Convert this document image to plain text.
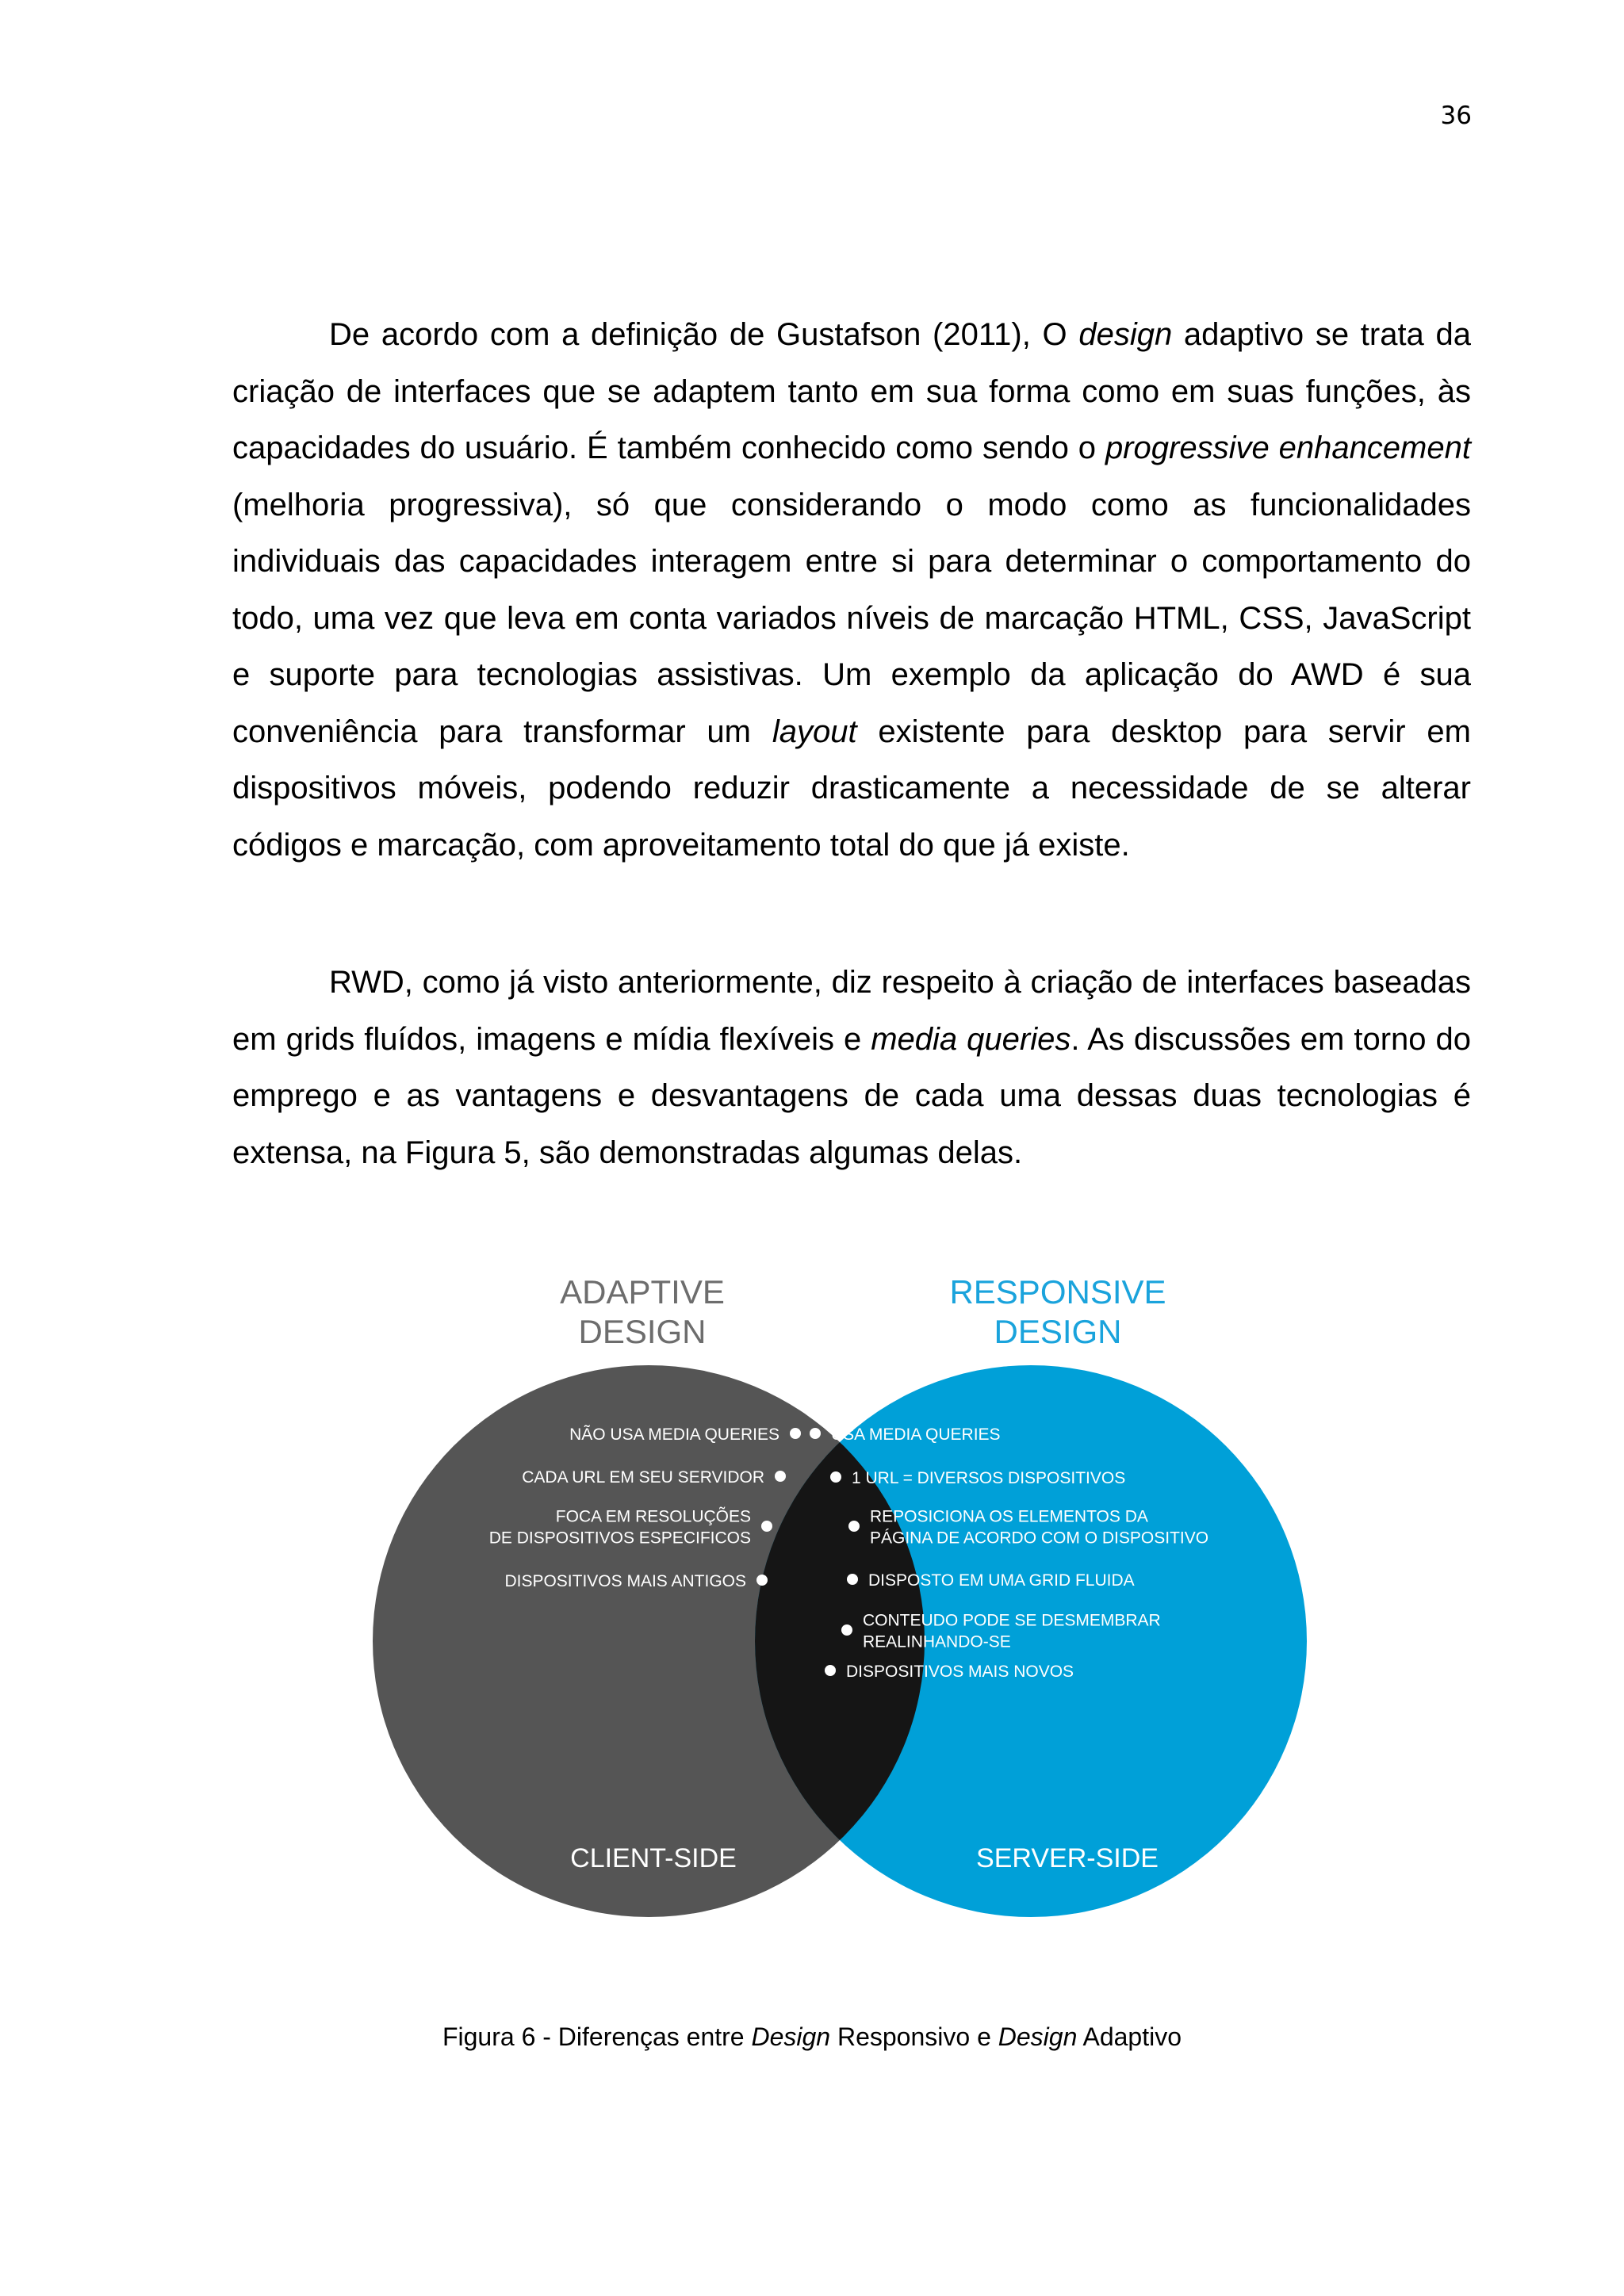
36

De acordo com a definição de Gustafson (2011), O design adaptivo se trata da criação de interfaces que se adaptem tanto em sua forma como em suas funções, às capacidades do usuário. É também conhecido como sendo o progressive enhancement (melhoria progressiva), só que considerando o modo como as funcionalidades individuais das capacidades interagem entre si para determinar o comportamento do todo, uma vez que leva em conta variados níveis de marcação HTML, CSS, JavaScript e suporte para tecnologias assistivas. Um exemplo da aplicação do AWD é sua conveniência para transformar um layout existente para desktop para servir em dispositivos móveis, podendo reduzir drasticamente a necessidade de se alterar códigos e marcação, com aproveitamento total do que já existe.

RWD, como já visto anteriormente, diz respeito à criação de interfaces baseadas em grids fluídos, imagens e mídia flexíveis e media queries. As discussões em torno do emprego e as vantagens e desvantagens de cada uma dessas duas tecnologias é extensa, na Figura 5, são demonstradas algumas delas.

ADAPTIVE
DESIGN
RESPONSIVE
DESIGN
NÃO USA MEDIA QUERIES
CADA URL EM SEU SERVIDOR
FOCA EM RESOLUÇÕES
DE DISPOSITIVOS ESPECIFICOS
DISPOSITIVOS MAIS ANTIGOS
USA MEDIA QUERIES
1 URL = DIVERSOS DISPOSITIVOS
REPOSICIONA OS ELEMENTOS DA
PÁGINA DE ACORDO COM O DISPOSITIVO
DISPOSTO EM UMA GRID FLUIDA
CONTEUDO PODE SE DESMEMBRAR
REALINHANDO-SE
DISPOSITIVOS MAIS NOVOS
CLIENT-SIDE	SERVER-SIDE
Figura 6 - Diferenças entre Design Responsivo e Design Adaptivo
